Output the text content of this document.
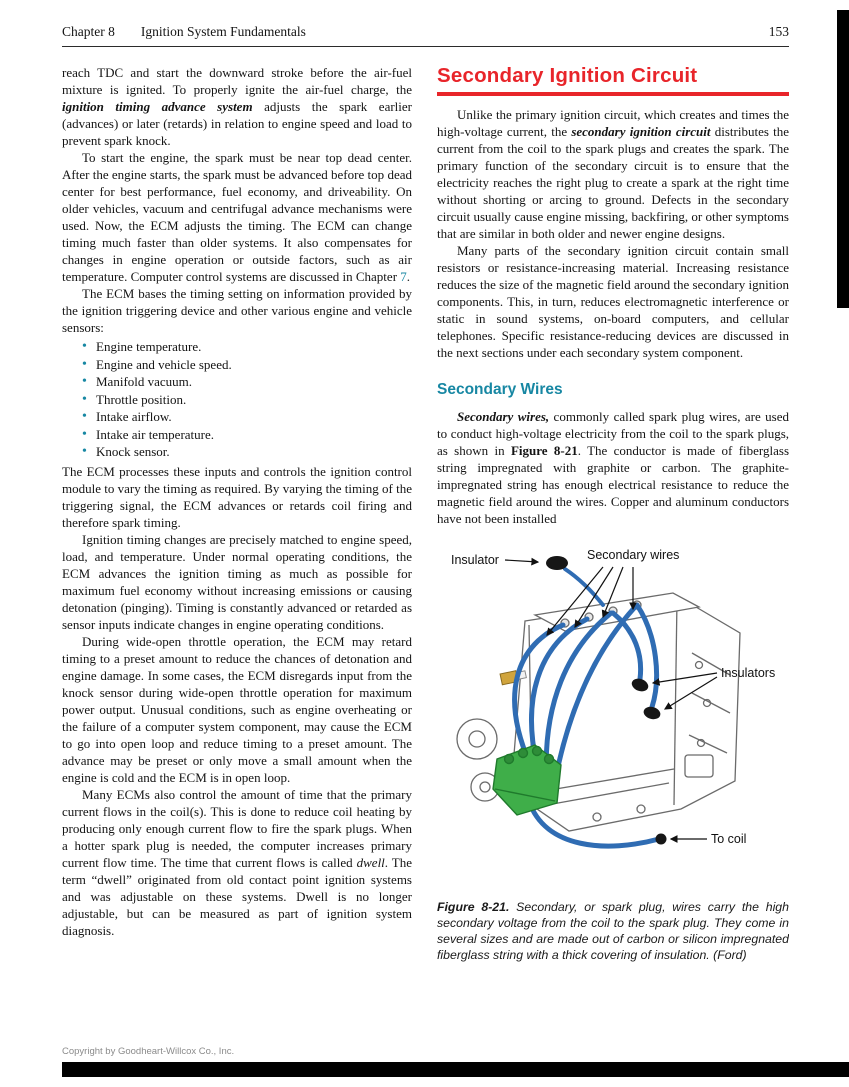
Chapter 8 Ignition System Fundamentals	153

reach TDC and start the downward stroke before the air-fuel mixture is ignited. To properly ignite the air-fuel charge, the ignition timing advance system adjusts the spark earlier (advances) or later (retards) in relation to engine speed and load to prevent spark knock.

To start the engine, the spark must be near top dead center. After the engine starts, the spark must be advanced before top dead center for best performance, fuel economy, and driveability. On older vehicles, vacuum and centrifugal advance mechanisms were used. Now, the ECM adjusts the timing. The ECM can change timing much faster than older systems. It also compensates for changes in engine operation or outside factors, such as air temperature. Computer control systems are discussed in Chapter 7.

The ECM bases the timing setting on information provided by the ignition triggering device and other various engine and vehicle sensors:

• Engine temperature.
• Engine and vehicle speed.
• Manifold vacuum.
• Throttle position.
• Intake airflow.
• Intake air temperature.
• Knock sensor.

The ECM processes these inputs and controls the ignition control module to vary the timing as required. By varying the timing of the triggering signal, the ECM advances or retards coil firing and therefore spark timing.

Ignition timing changes are precisely matched to engine speed, load, and temperature. Under normal operating conditions, the ECM advances the ignition timing as much as possible for maximum fuel economy without increasing emissions or causing detonation (pinging). Timing is constantly advanced or retarded as sensor inputs indicate changes in engine operating conditions.

During wide-open throttle operation, the ECM may retard timing to a preset amount to reduce the chances of detonation and engine damage. In some cases, the ECM disregards input from the knock sensor during wide-open throttle operation for maximum power output. Unusual conditions, such as engine overheating or the failure of a computer system component, may cause the ECM to go into open loop and reduce timing to a preset amount. The advance may be preset or only move a small amount when the engine is cold and the ECM is in open loop.

Many ECMs also control the amount of time that the primary current flows in the coil(s). This is done to reduce coil heating by producing only enough current flow to fire the spark plugs. When a hotter spark plug is needed, the computer increases primary current flow time. The time that current flows is called dwell. The term “dwell” originated from old contact point ignition systems and was adjustable on these systems. Dwell is no longer adjustable, but can be measured as part of ignition system diagnosis.

Secondary Ignition Circuit

Unlike the primary ignition circuit, which creates and times the high-voltage current, the secondary ignition circuit distributes the current from the coil to the spark plugs and creates the spark. The primary function of the secondary circuit is to ensure that the electricity reaches the right plug to create a spark at the right time without shorting or arcing to ground. Defects in the secondary circuit usually cause engine missing, backfiring, or other symptoms that are similar in both older and newer engine designs.

Many parts of the secondary ignition circuit contain small resistors or resistance-increasing material. Increasing resistance reduces the size of the magnetic field around the secondary ignition components. This, in turn, reduces electromagnetic interference or static in sound systems, on-board computers, and cellular telephones. Specific resistance-reducing devices are discussed in the next sections under each secondary system component.

Secondary Wires

Secondary wires, commonly called spark plug wires, are used to conduct high-voltage electricity from the coil to the spark plugs, as shown in Figure 8-21. The conductor is made of fiberglass string impregnated with graphite or carbon. The graphite-impregnated string has enough electrical resistance to reduce the magnetic field around the wires. Copper and aluminum conductors have not been installed

Insulator	Secondary wires
Insulators
To coil

Figure 8-21. Secondary, or spark plug, wires carry the high secondary voltage from the coil to the spark plug. They come in several sizes and are made out of carbon or silicon impregnated fiberglass string with a thick covering of insulation. (Ford)

Copyright by Goodheart-Willcox Co., Inc.
